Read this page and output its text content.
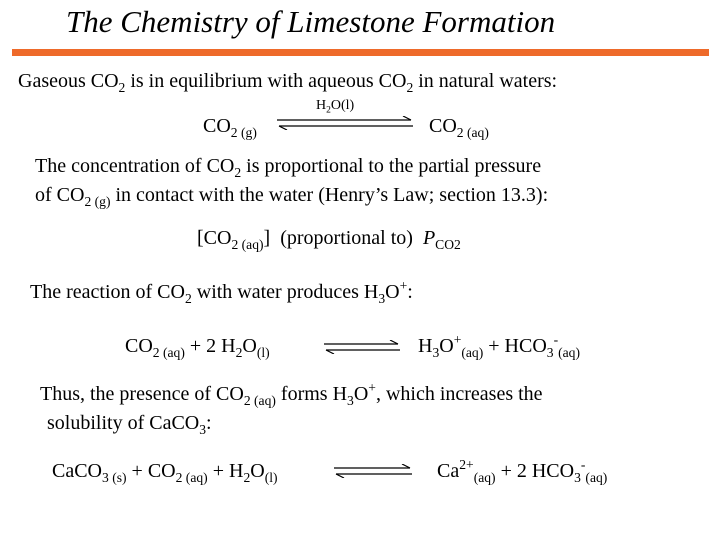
The Chemistry of Limestone Formation
Gaseous $CO_2$ is in equilibrium with aqueous $CO_2$ in natural waters:
$CO_{2 (g)}$
$H_2O(l)$
$CO_{2 (aq)}$
The concentration of $CO_2$ is proportional to the partial pressure
of $CO_{2 (g)}$ in contact with the water (Henry’s Law; section 13.3):
$[CO_{2 (aq)}]$  (proportional to)  $P_{CO2}$
The reaction of $CO_2$ with water produces $H_3O^+$:
$CO_{2 (aq)} + 2$ $H_2O_{(l)}$	$H_3O^+_{(aq)} + HCO_3^-_{(aq)}$
Thus, the presence of $CO_{2 (aq)}$ forms $H_3O^+$, which increases the
solubility of CaCO$_3$:
CaCO$_{3 (s)}$ + $CO_{2 (aq)} + H_2O_{(l)}$	$Ca^{2+}_{(aq)} + 2$ $HCO_3^-_{(aq)}$
